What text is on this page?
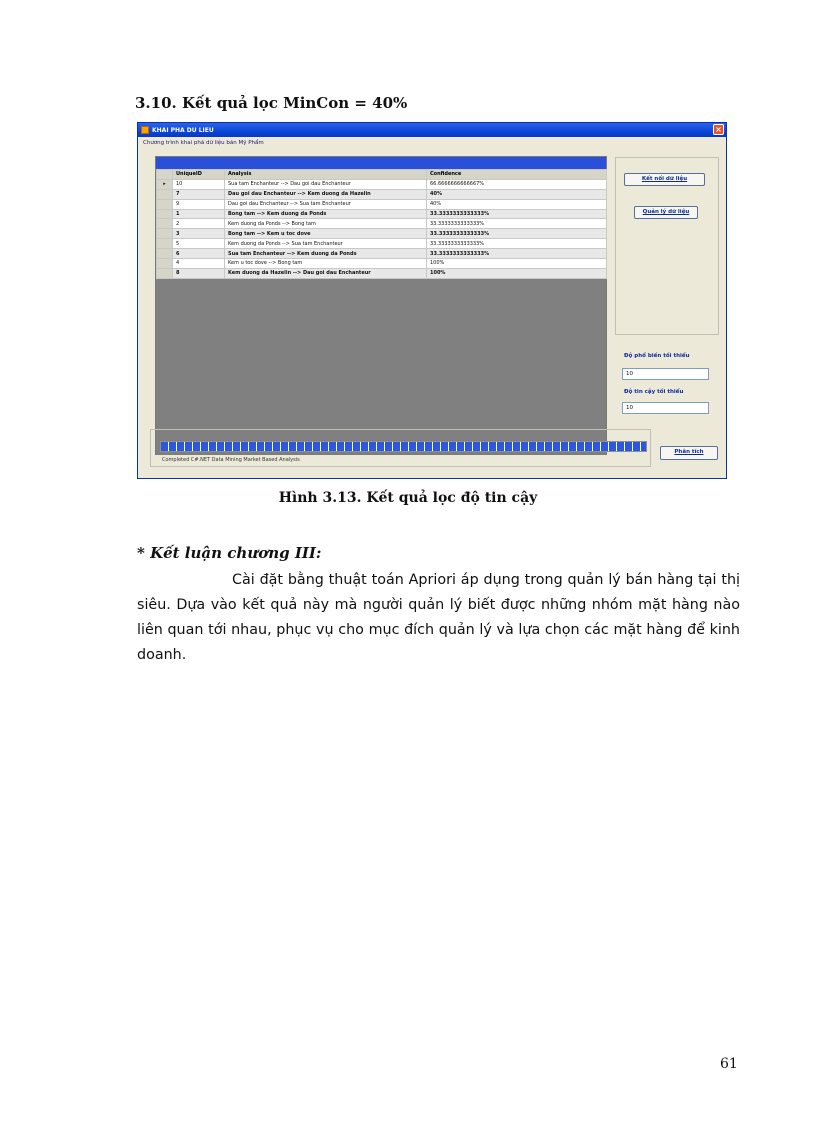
3.10. Kết quả lọc MinCon = 40%
KHAI PHA DU LIEU	×
Chương trình khai phá dữ liệu bán Mỹ Phẩm
	UniqueID	Analysis	Confidence
▸	10	Sua tam Enchanteur --> Dau goi dau Enchanteur	66.6666666666667%
	7	Dau goi dau Enchanteur --> Kem duong da Hazelin	40%
	9	Dau goi dau Enchanteur --> Sua tam Enchanteur	40%
	1	Bong tam --> Kem duong da Ponds	33.3333333333333%
	2	Kem duong da Ponds --> Bong tam	33.3333333333333%
	3	Bong tam --> Kem u toc dove	33.3333333333333%
	5	Kem duong da Ponds --> Sua tam Enchanteur	33.3333333333333%
	6	Sua tam Enchanteur --> Kem duong da Ponds	33.3333333333333%
	4	Kem u toc dove --> Bong tam	100%
	8	Kem duong da Hazelin --> Dau goi dau Enchanteur	100%
Kết nối dữ liệu
Quản lý dữ liệu
Độ phổ biến tối thiểu
10
Độ tin cậy tối thiểu
10
Completed C#.NET Data Mining Market Based Analysis
Phân tích
Hình 3.13. Kết quả lọc độ tin cậy
* Kết luận chương III:

Cài đặt bằng thuật toán Apriori áp dụng trong quản lý bán hàng tại thị siêu. Dựa vào kết quả này mà người quản lý biết được những nhóm mặt hàng nào liên quan tới nhau, phục vụ cho mục đích quản lý và lựa chọn các mặt hàng để kinh doanh.

61
